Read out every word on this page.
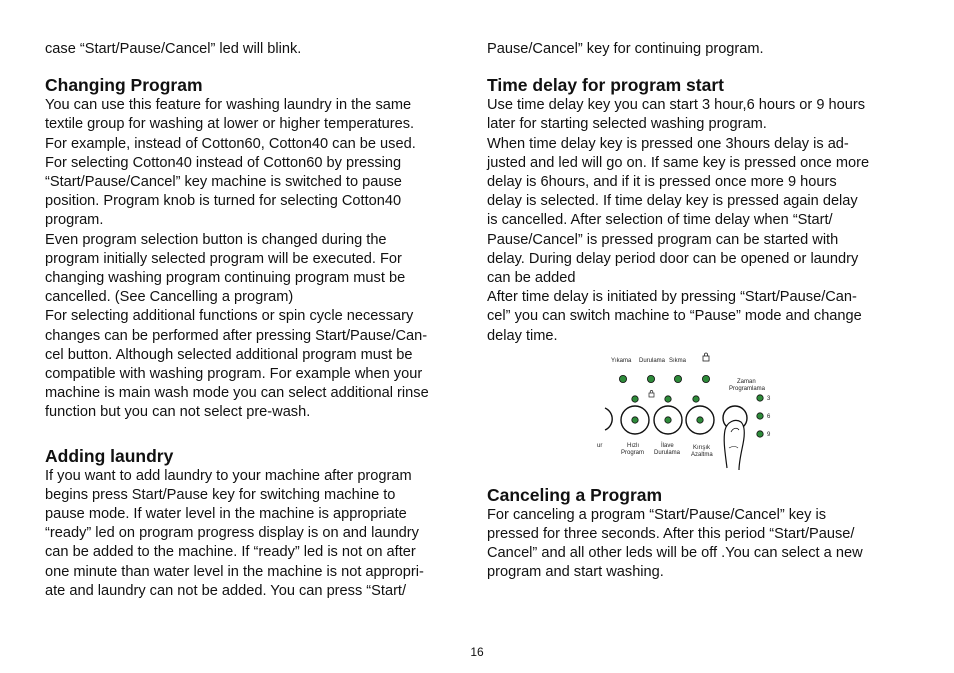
case “Start/Pause/Cancel” led will blink.

Changing Program
You can use this feature for washing laundry in the same
textile group for washing at lower or higher temperatures.
For example, instead of Cotton60, Cotton40 can be used.
For selecting Cotton40 instead of Cotton60 by pressing
“Start/Pause/Cancel” key machine is switched to pause
position. Program knob is turned for selecting Cotton40
program.
Even program selection button is changed during the
program initially selected program will be executed. For
changing washing program continuing program must be
cancelled. (See Cancelling a program)
For selecting additional functions or spin cycle necessary
changes can be performed after pressing Start/Pause/Can-
cel button. Although selected additional program must be
compatible with washing program. For example when your
machine is main wash mode you can select additional rinse
function but you can not select pre-wash.
Adding laundry
If you want to add laundry to your machine after program
begins press Start/Pause key for switching machine to
pause mode. If water level in the machine is appropriate
“ready” led on program progress display is on and laundry
can be added to the machine. If “ready” led is not on after
one minute than water level in the machine is not appropri-
ate and laundry can not be added. You can press “Start/

Pause/Cancel” key for continuing program.

Time delay for program start
Use time delay key you can start 3 hour,6 hours or 9 hours
later for starting selected washing program.
When time delay key is pressed one 3hours delay is ad-
justed and led will go on. If same key is pressed once more
delay is 6hours, and if it is pressed once more 9 hours
delay is selected. If time delay key is pressed again delay
is cancelled. After selection of time delay when “Start/
Pause/Cancel” is pressed program can be started with
delay. During delay period door can be opened or laundry
can be added
After time delay is initiated by pressing “Start/Pause/Can-
cel” you can switch machine to “Pause” mode and change
delay time.
Yıkama Durulama Sıkma
Zaman
Programlama
3
6
9
ur	Hızlı
Program
İlave
Durulama
Kırışık
Azaltma
Canceling a Program
For canceling a program “Start/Pause/Cancel” key is
pressed for three seconds. After this period “Start/Pause/
Cancel” and all other leds will be off .You can select a new
program and start washing.
16
